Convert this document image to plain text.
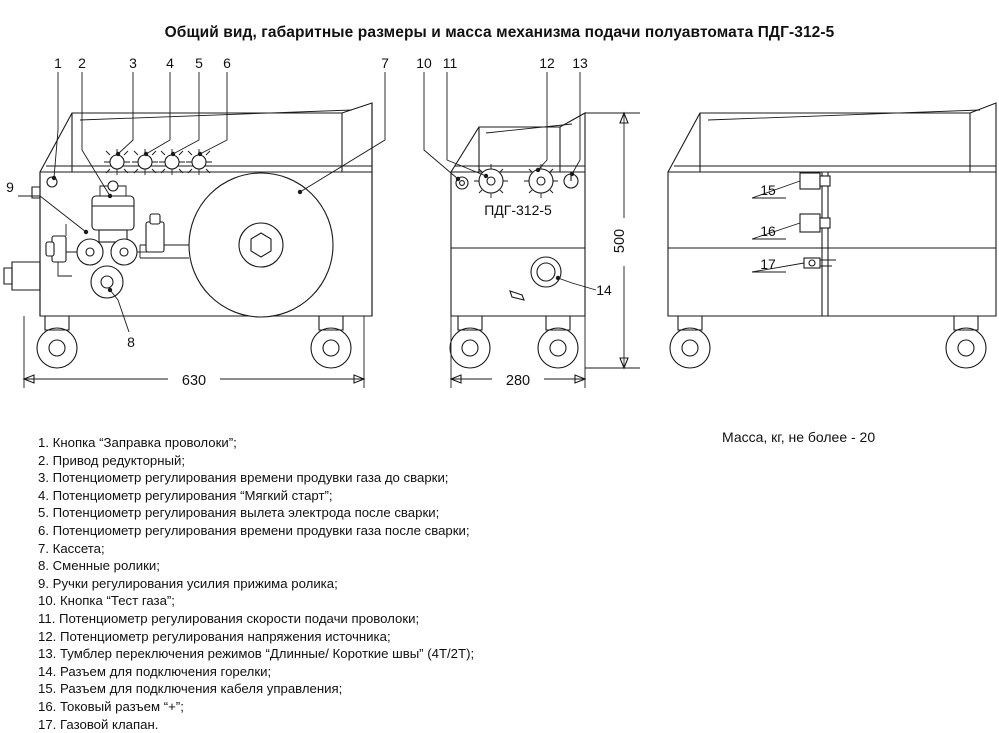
Общий вид, габаритные размеры и масса механизма подачи полуавтомата ПДГ-312-5
1 2	3 4 5 6	7
9
8
630
ПДГ-312-5
10 11	12 13
14
280
500
15
16
17
1. Кнопка “Заправка проволоки”;
2. Привод редукторный;
3. Потенциометр регулирования времени продувки газа до сварки;
4. Потенциометр регулирования “Мягкий старт”;
5. Потенциометр регулирования вылета электрода после сварки;
6. Потенциометр регулирования времени продувки газа после сварки;
7. Кассета;
8. Сменные ролики;
9. Ручки регулирования усилия прижима ролика;
10. Кнопка “Тест газа”;
11. Потенциометр регулирования скорости подачи проволоки;
12. Потенциометр регулирования напряжения источника;
13. Тумблер переключения режимов “Длинные/ Короткие швы” (4Т/2Т);
14. Разъем для подключения горелки;
15. Разъем для подключения кабеля управления;
16. Токовый разъем “+”;
17. Газовой клапан.
Масса, кг, не более - 20
